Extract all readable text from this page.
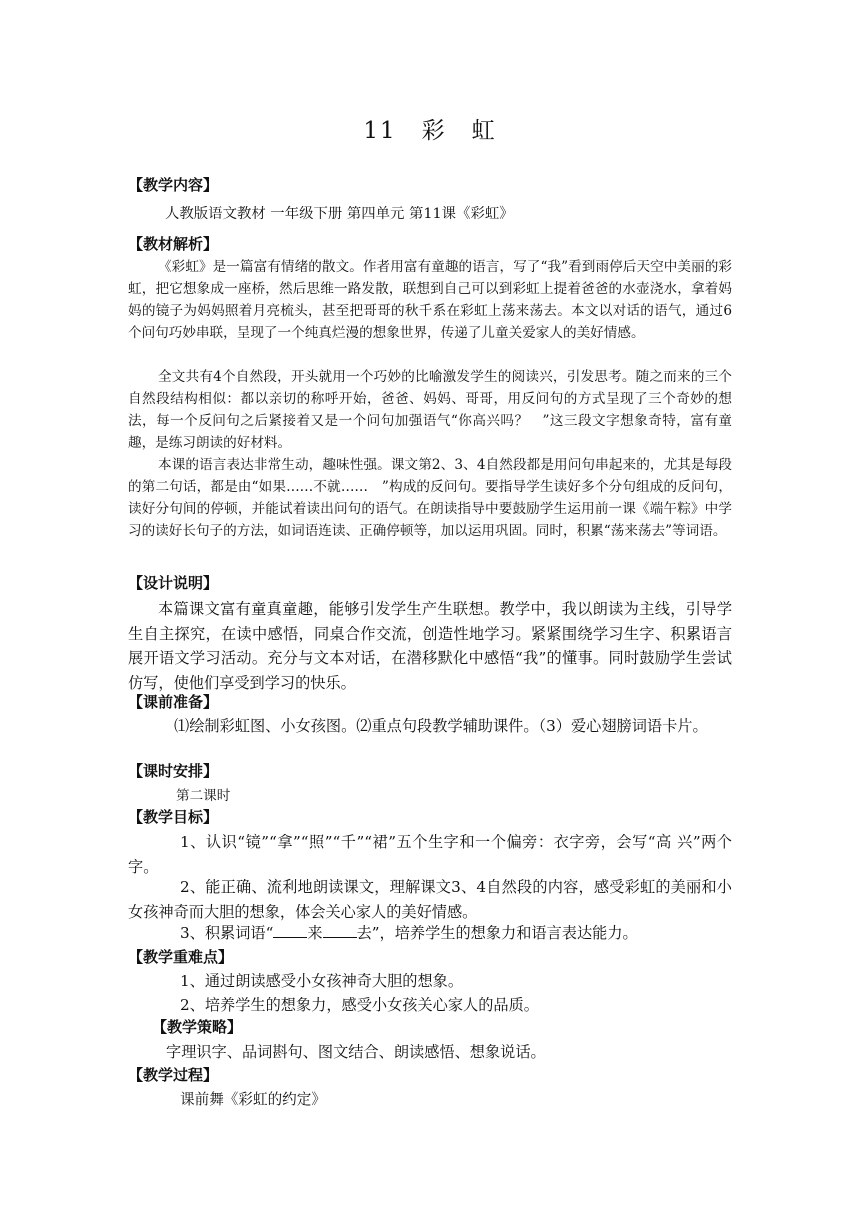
11　彩　虹
【教学内容】
人教版语文教材 一年级下册 第四单元 第11课《彩虹》
【教材解析】
《彩虹》是一篇富有情绪的散文。作者用富有童趣的语言，写了“我”看到雨停后天空中美丽的彩虹，把它想象成一座桥，然后思维一路发散，联想到自己可以到彩虹上提着爸爸的水壶浇水，拿着妈妈的镜子为妈妈照着月亮梳头，甚至把哥哥的秋千系在彩虹上荡来荡去。本文以对话的语气，通过6个问句巧妙串联，呈现了一个纯真烂漫的想象世界，传递了儿童关爱家人的美好情感。
全文共有4个自然段，开头就用一个巧妙的比喻激发学生的阅读兴，引发思考。随之而来的三个自然段结构相似：都以亲切的称呼开始，爸爸、妈妈、哥哥，用反问句的方式呈现了三个奇妙的想法，每一个反问句之后紧接着又是一个问句加强语气“你高兴吗？　”这三段文字想象奇特，富有童趣，是练习朗读的好材料。
本课的语言表达非常生动，趣味性强。课文第2、3、4自然段都是用问句串起来的，尤其是每段的第二句话，都是由“如果……不就……　”构成的反问句。要指导学生读好多个分句组成的反问句，读好分句间的停顿，并能试着读出问句的语气。在朗读指导中要鼓励学生运用前一课《端午粽》中学习的读好长句子的方法，如词语连读、正确停顿等，加以运用巩固。同时，积累“荡来荡去”等词语。
【设计说明】
本篇课文富有童真童趣，能够引发学生产生联想。教学中，我以朗读为主线，引导学生自主探究，在读中感悟，同桌合作交流，创造性地学习。紧紧围绕学习生字、积累语言展开语文学习活动。充分与文本对话，在潜移默化中感悟“我”的懂事。同时鼓励学生尝试仿写，使他们享受到学习的快乐。
【课前准备】
⑴绘制彩虹图、小女孩图。⑵重点句段教学辅助课件。（3）爱心翅膀词语卡片。
【课时安排】
第二课时
【教学目标】
1、认识“镜”“拿”“照”“千”“裙”五个生字和一个偏旁：衣字旁，会写“高 兴”两个字。
2、能正确、流利地朗读课文，理解课文3、4自然段的内容，感受彩虹的美丽和小女孩神奇而大胆的想象，体会关心家人的美好情感。
3、积累词语“ 来 去”，培养学生的想象力和语言表达能力。
【教学重难点】
1、通过朗读感受小女孩神奇大胆的想象。
2、培养学生的想象力，感受小女孩关心家人的品质。
【教学策略】
字理识字、品词斟句、图文结合、朗读感悟、想象说话。
【教学过程】
课前舞《彩虹的约定》
